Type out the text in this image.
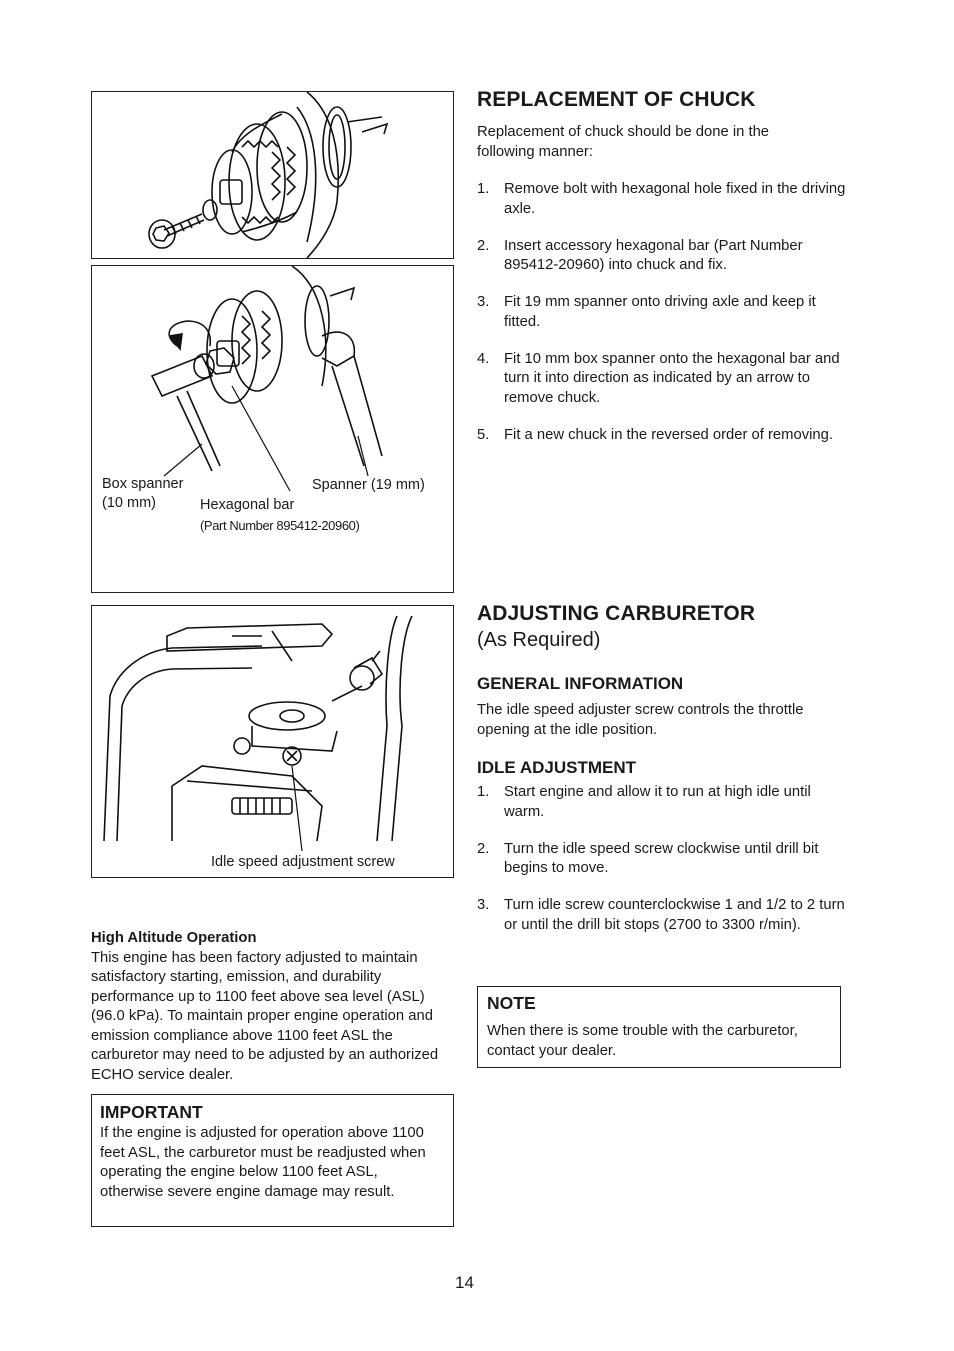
Box spanner
(10 mm)	Hexagonal bar
(Part Number 895412-20960)
Spanner (19 mm)
Idle speed adjustment screw
High Altitude Operation

This engine has been factory adjusted to maintain satisfactory starting, emission, and durability performance up to 1100 feet above sea level (ASL) (96.0 kPa). To maintain proper engine operation and emission compliance above 1100 feet ASL the carburetor may need to be adjusted by an authorized ECHO service dealer.

IMPORTANT

If the engine is adjusted for operation above 1100 feet ASL, the carburetor must be readjusted when operating the engine below 1100 feet ASL, otherwise severe engine damage may result.

REPLACEMENT OF CHUCK

Replacement of chuck should be done in the following manner:

1. Remove bolt with hexagonal hole fixed in the driving axle.
2. Insert accessory hexagonal bar (Part Number 895412-20960) into chuck and fix.
3. Fit 19 mm spanner onto driving axle and keep it fitted.
4. Fit 10 mm box spanner onto the hexagonal bar and turn it into direction as indicated by an arrow to remove chuck.
5. Fit a new chuck in the reversed order of removing.
ADJUSTING CARBURETOR
(As Required)
GENERAL INFORMATION

The idle speed adjuster screw controls the throttle opening at the idle position.

IDLE ADJUSTMENT
1. Start engine and allow it to run at high idle until warm.
2. Turn the idle speed screw clockwise until drill bit begins to move.
3. Turn idle screw counterclockwise 1 and 1/2 to 2 turn or until the drill bit stops (2700 to 3300 r/min).
NOTE

When there is some trouble with the carburetor, contact your dealer.

14
